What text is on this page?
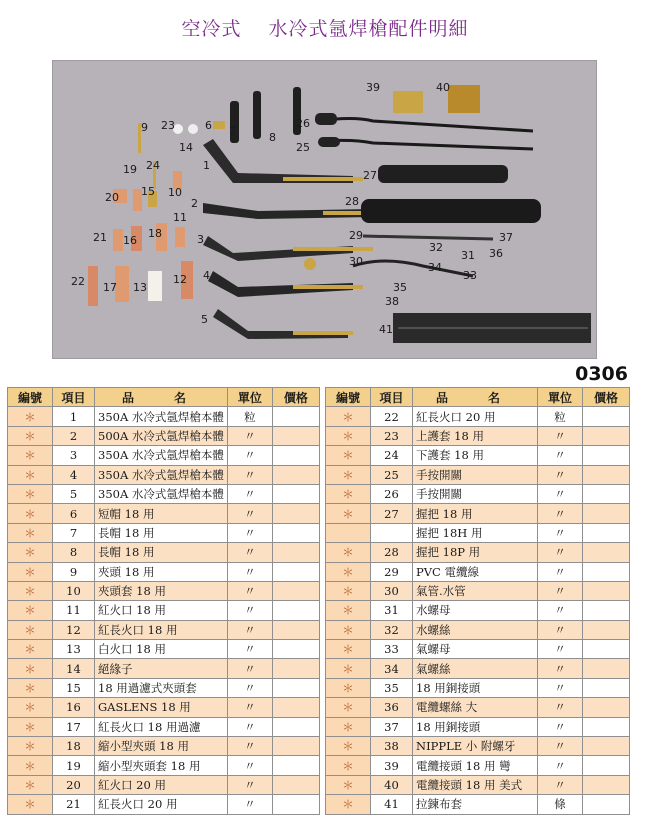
空冷式 水冷式氬焊槍配件明細
39	40
1
2
3
4
5
6 7	8
9
10
11
12
13
14
15
16
17
18
19
20
21
22
23
24
25
26
27
28
29
30	31
32
33
34
35
36
37
38
41
0306
編號	項目	品　名	單位	價格
＊	1	350A 水冷式氬焊槍本體	粒	
＊	2	500A 水冷式氬焊槍本體	〃	
＊	3	350A 水冷式氬焊槍本體	〃	
＊	4	350A 水冷式氬焊槍本體	〃	
＊	5	350A 水冷式氬焊槍本體	〃	
＊	6	短帽 18 用	〃	
＊	7	長帽 18 用	〃	
＊	8	長帽 18 用	〃	
＊	9	夾頭 18 用	〃	
＊	10	夾頭套 18 用	〃	
＊	11	紅火口 18 用	〃	
＊	12	紅長火口 18 用	〃	
＊	13	白火口 18 用	〃	
＊	14	絕緣子	〃	
＊	15	18 用過濾式夾頭套	〃	
＊	16	GASLENS 18 用	〃	
＊	17	紅長火口 18 用過濾	〃	
＊	18	縮小型夾頭 18 用	〃	
＊	19	縮小型夾頭套 18 用	〃	
＊	20	紅火口 20 用	〃	
＊	21	紅長火口 20 用	〃	
編號	項目	品　名	單位	價格
＊	22	紅長火口 20 用	粒	
＊	23	上護套 18 用	〃	
＊	24	下護套 18 用	〃	
＊	25	手按開關	〃	
＊	26	手按開關	〃	
＊	27	握把 18 用	〃	
		握把 18H 用	〃	
＊	28	握把 18P 用	〃	
＊	29	PVC 電纜線	〃	
＊	30	氣管.水管	〃	
＊	31	水螺母	〃	
＊	32	水螺絲	〃	
＊	33	氣螺母	〃	
＊	34	氣螺絲	〃	
＊	35	18 用銅接頭	〃	
＊	36	電纜螺絲 大	〃	
＊	37	18 用銅接頭	〃	
＊	38	NIPPLE 小 附螺牙	〃	
＊	39	電纜接頭 18 用 彎	〃	
＊	40	電纜接頭 18 用 美式	〃	
＊	41	拉鍊布套	條	
